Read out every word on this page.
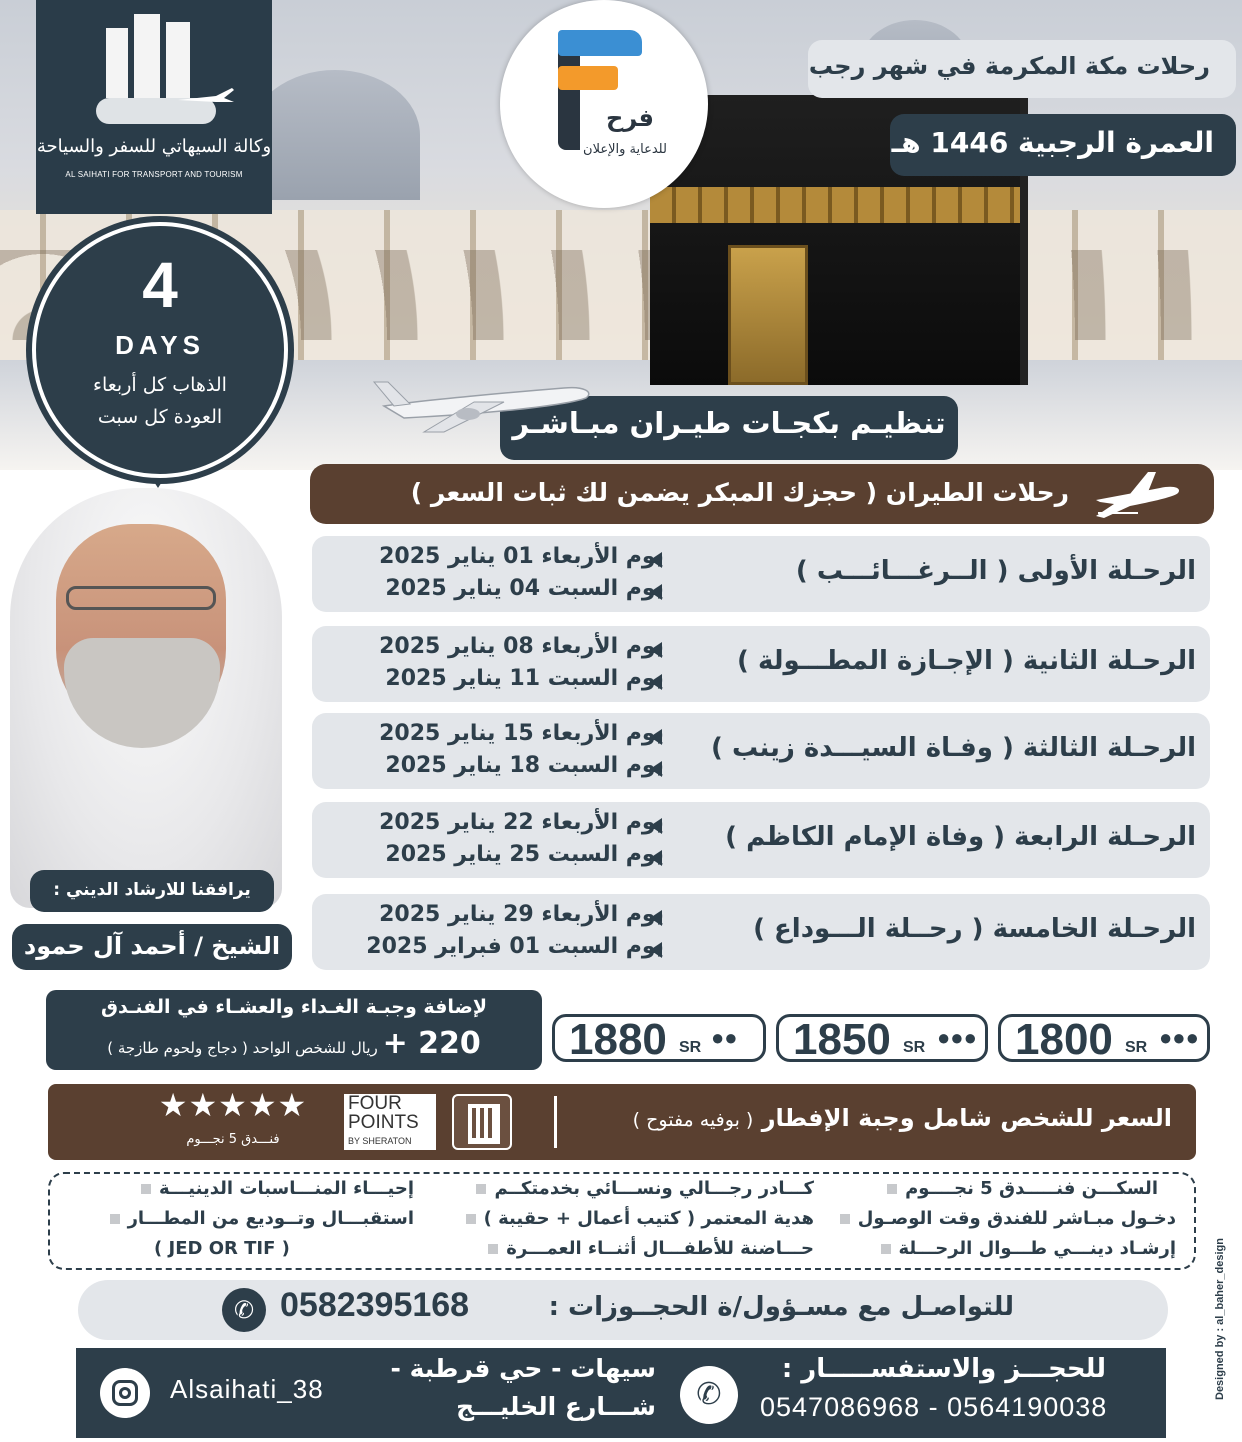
وكالة السيهاتي للسفر والسياحة
AL SAIHATI FOR TRANSPORT AND TOURISM
فرح
للدعاية والإعلان
رحلات مكة المكرمة في شهر رجب
العمرة الرجبية 1446 هـ
تنظيـم بكجـات طيـران مبـاشـر
4
DAYS
الذهاب كل أربعاء
العودة كل سبت
يرافقنا للارشاد الديني :
الشيخ / أحمد آل حمود
رحلات الطيران ( حجزك المبكر يضمن لك ثبات السعر )
الرحـلة الأولى ( الــرغـــائـــب )
يوم الأربعاء 01 يناير 2025
يوم السبت 04 يناير 2025
الرحـلة الثانية ( الإجـازة المطـــولة )
يوم الأربعاء 08 يناير 2025
يوم السبت 11 يناير 2025
الرحـلة الثالثة ( وفـاة السيـــدة زينب )
يوم الأربعاء 15 يناير 2025
يوم السبت 18 يناير 2025
الرحـلة الرابعة ( وفاة الإمام الكاظم )
يوم الأربعاء 22 يناير 2025
يوم السبت 25 يناير 2025
الرحـلة الخامسة ( رحــلة الـــوداع )
يوم الأربعاء 29 يناير 2025
يوم السبت 01 فبراير 2025
لإضافة وجبـة الغـداء والعشـاء في الفنـدق
220 + ريال للشخص الواحد ( دجاج ولحوم طازجة )	1880 SR ●● 1850 SR ●●● 1800 SR ●●●
السعر للشخص شامل وجبة الإفطار ( بوفيه مفتوح )
FOUR
POINTS
BY SHERATON
★★★★★
فنـــدق 5 نجـــوم
السكـــن فنـــــدق 5 نجــــوم
دخـول مبـاشر للفندق وقت الوصـول
إرشـاد دينـــي طـــوال الرحـــلة
كـــادر رجـــالي ونســـائي بخدمتكــم
هدية المعتمر ( كتيب أعمال + حقيبة )
حـــاضنة للأطفـــال أثنــاء العمـــرة
إحيـــاء المنـــاسبات الدينيـــة
استقبـــال وتــوديع من المطـــار
( JED OR TIF )
✆ 0582395168	للتواصـل مع مسـؤول/ة الحجــوزات :
Alsaihati_38
سيهات - حي قرطبة -
شـــارع الخليـــج	✆
للحجـــز والاستفســـــار :
0547086968 - 0564190038
Designed by : al_baher_design
